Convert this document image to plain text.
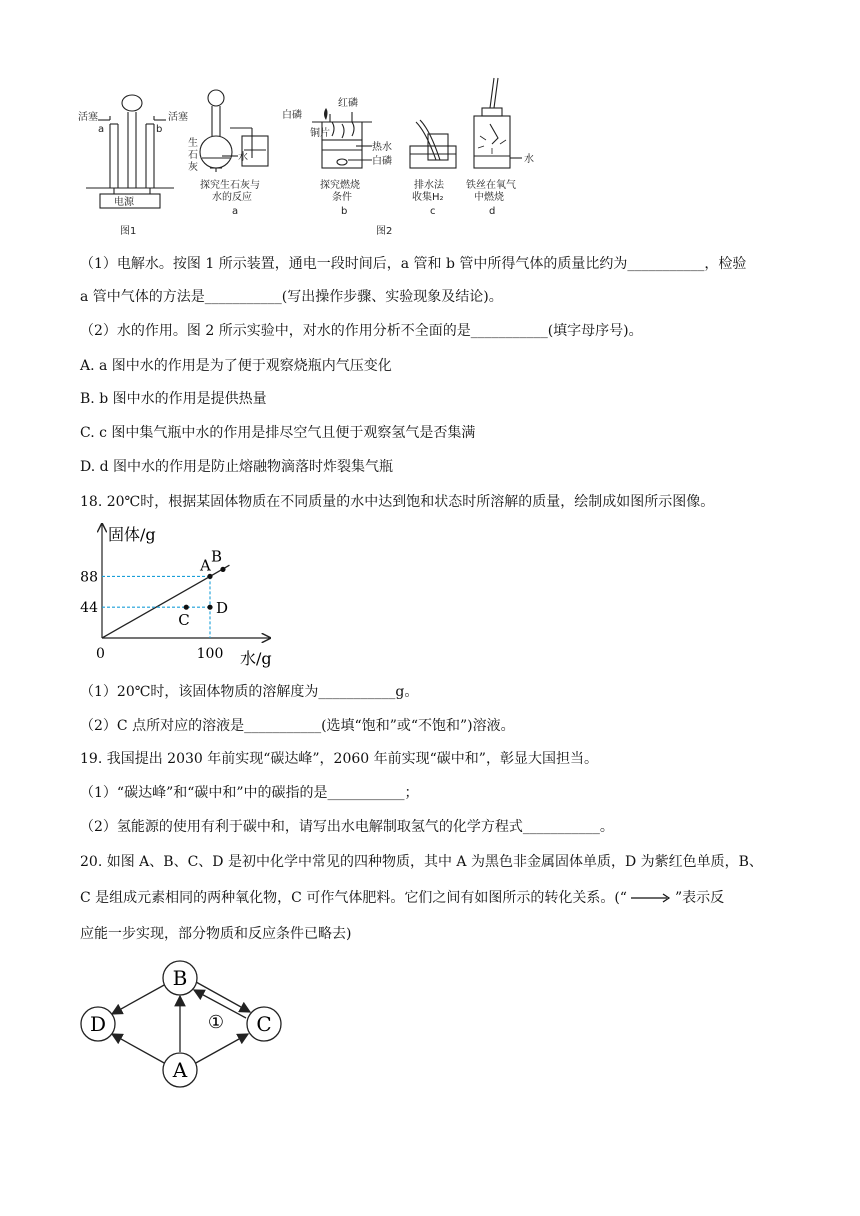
活塞	活塞
a	b
电源
图1
生
石
灰
水
探究生石灰与
水的反应
a
白磷
红磷
铜片
热水
白磷
探究燃烧
条件
b
排水法
收集H₂
c
水
铁丝在氧气
中燃烧
d
图2
（1）电解水。按图 1 所示装置，通电一段时间后，a 管和 b 管中所得气体的质量比约为___________，检验
a 管中气体的方法是___________(写出操作步骤、实验现象及结论)。
（2）水的作用。图 2 所示实验中，对水的作用分析不全面的是___________(填字母序号)。
A. a 图中水的作用是为了便于观察烧瓶内气压变化
B. b 图中水的作用是提供热量
C. c 图中集气瓶中水的作用是排尽空气且便于观察氢气是否集满
D. d 图中水的作用是防止熔融物滴落时炸裂集气瓶
18. 20℃时，根据某固体物质在不同质量的水中达到饱和状态时所溶解的质量，绘制成如图所示图像。
44
88
100
A B
C
D
固体/g
水/g
0
（1）20℃时，该固体物质的溶解度为___________g。
（2）C 点所对应的溶液是___________(选填“饱和”或“不饱和”)溶液。
19. 我国提出 2030 年前实现“碳达峰”，2060 年前实现“碳中和”，彰显大国担当。
（1）“碳达峰”和“碳中和”中的碳指的是___________；
（2）氢能源的使用有利于碳中和，请写出水电解制取氢气的化学方程式___________。
20. 如图 A、B、C、D 是初中化学中常见的四种物质，其中 A 为黑色非金属固体单质，D 为紫红色单质，B、
C 是组成元素相同的两种氧化物，C 可作气体肥料。它们之间有如图所示的转化关系。(“	”表示反
应能一步实现，部分物质和反应条件已略去)
B
D	C
A
①
